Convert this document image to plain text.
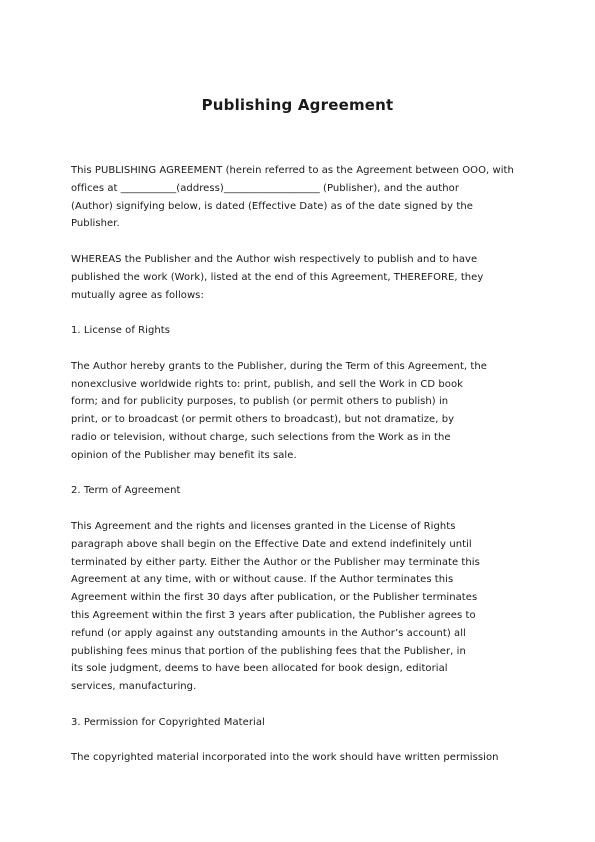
Publishing Agreement
This PUBLISHING AGREEMENT (herein referred to as the Agreement between OOO, with
offices at ___________(address)___________________ (Publisher), and the author
(Author) signifying below, is dated (Effective Date) as of the date signed by the
Publisher.
WHEREAS the Publisher and the Author wish respectively to publish and to have
published the work (Work), listed at the end of this Agreement, THEREFORE, they
mutually agree as follows:
1. License of Rights
The Author hereby grants to the Publisher, during the Term of this Agreement, the
nonexclusive worldwide rights to: print, publish, and sell the Work in CD book
form; and for publicity purposes, to publish (or permit others to publish) in
print, or to broadcast (or permit others to broadcast), but not dramatize, by
radio or television, without charge, such selections from the Work as in the
opinion of the Publisher may benefit its sale.
2. Term of Agreement
This Agreement and the rights and licenses granted in the License of Rights
paragraph above shall begin on the Effective Date and extend indefinitely until
terminated by either party. Either the Author or the Publisher may terminate this
Agreement at any time, with or without cause. If the Author terminates this
Agreement within the first 30 days after publication, or the Publisher terminates
this Agreement within the first 3 years after publication, the Publisher agrees to
refund (or apply against any outstanding amounts in the Author’s account) all
publishing fees minus that portion of the publishing fees that the Publisher, in
its sole judgment, deems to have been allocated for book design, editorial
services, manufacturing.
3. Permission for Copyrighted Material
The copyrighted material incorporated into the work should have written permission
